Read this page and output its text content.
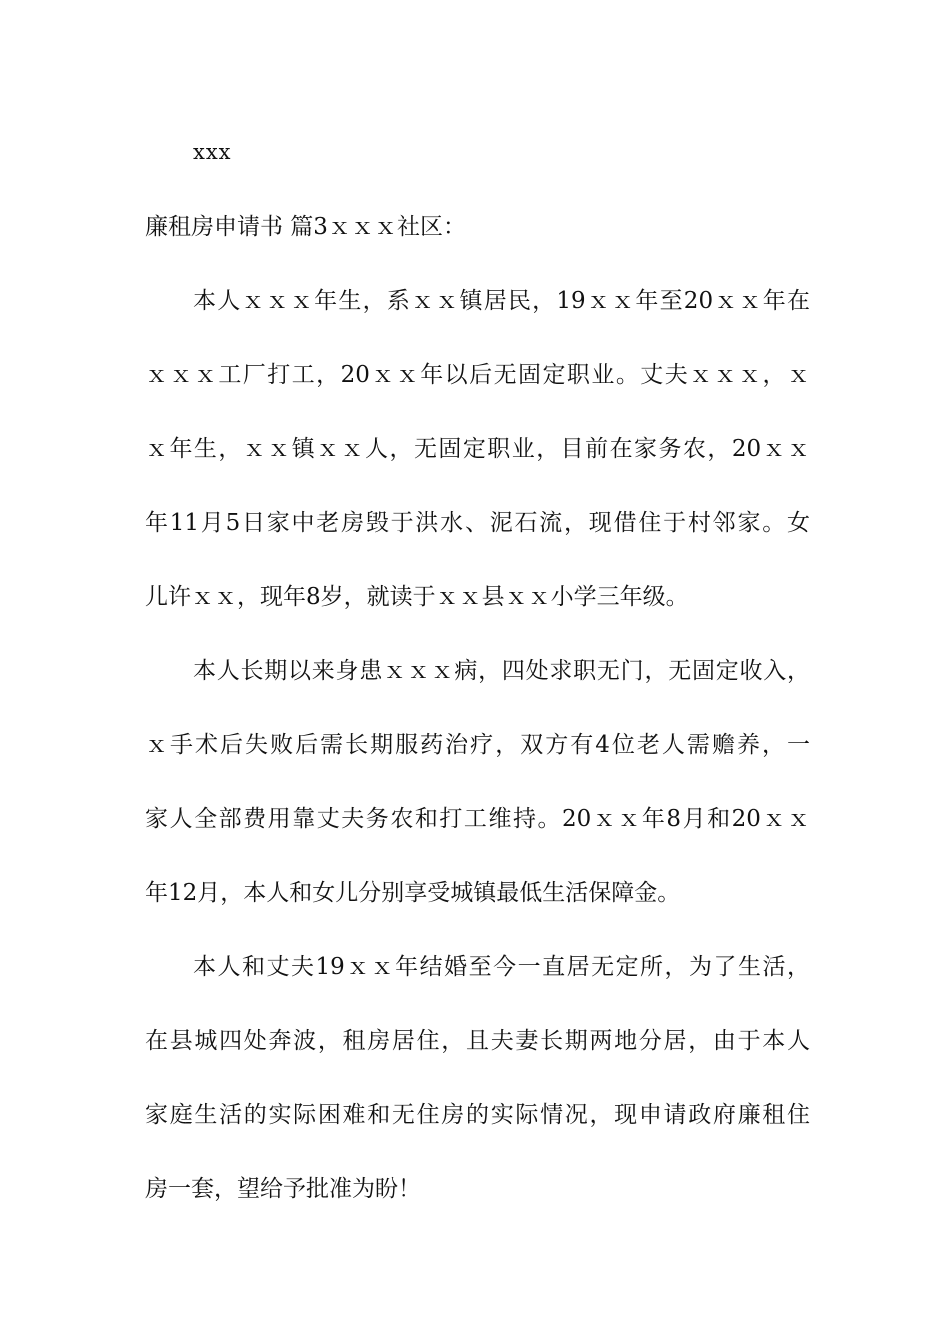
xxx
廉租房申请书 篇3ｘｘｘ社区：
本人ｘｘｘ年生，系ｘｘ镇居民，19ｘｘ年至20ｘｘ年在
ｘｘｘ工厂打工，20ｘｘ年以后无固定职业。丈夫ｘｘｘ，ｘ
ｘ年生，ｘｘ镇ｘｘ人，无固定职业，目前在家务农，20ｘｘ
年11月5日家中老房毁于洪水、泥石流，现借住于村邻家。女
儿许ｘｘ，现年8岁，就读于ｘｘ县ｘｘ小学三年级。
本人长期以来身患ｘｘｘ病，四处求职无门，无固定收入，
ｘ手术后失败后需长期服药治疗，双方有4位老人需赡养，一
家人全部费用靠丈夫务农和打工维持。20ｘｘ年8月和20ｘｘ
年12月，本人和女儿分别享受城镇最低生活保障金。
本人和丈夫19ｘｘ年结婚至今一直居无定所，为了生活，
在县城四处奔波，租房居住，且夫妻长期两地分居，由于本人
家庭生活的实际困难和无住房的实际情况，现申请政府廉租住
房一套，望给予批准为盼！
